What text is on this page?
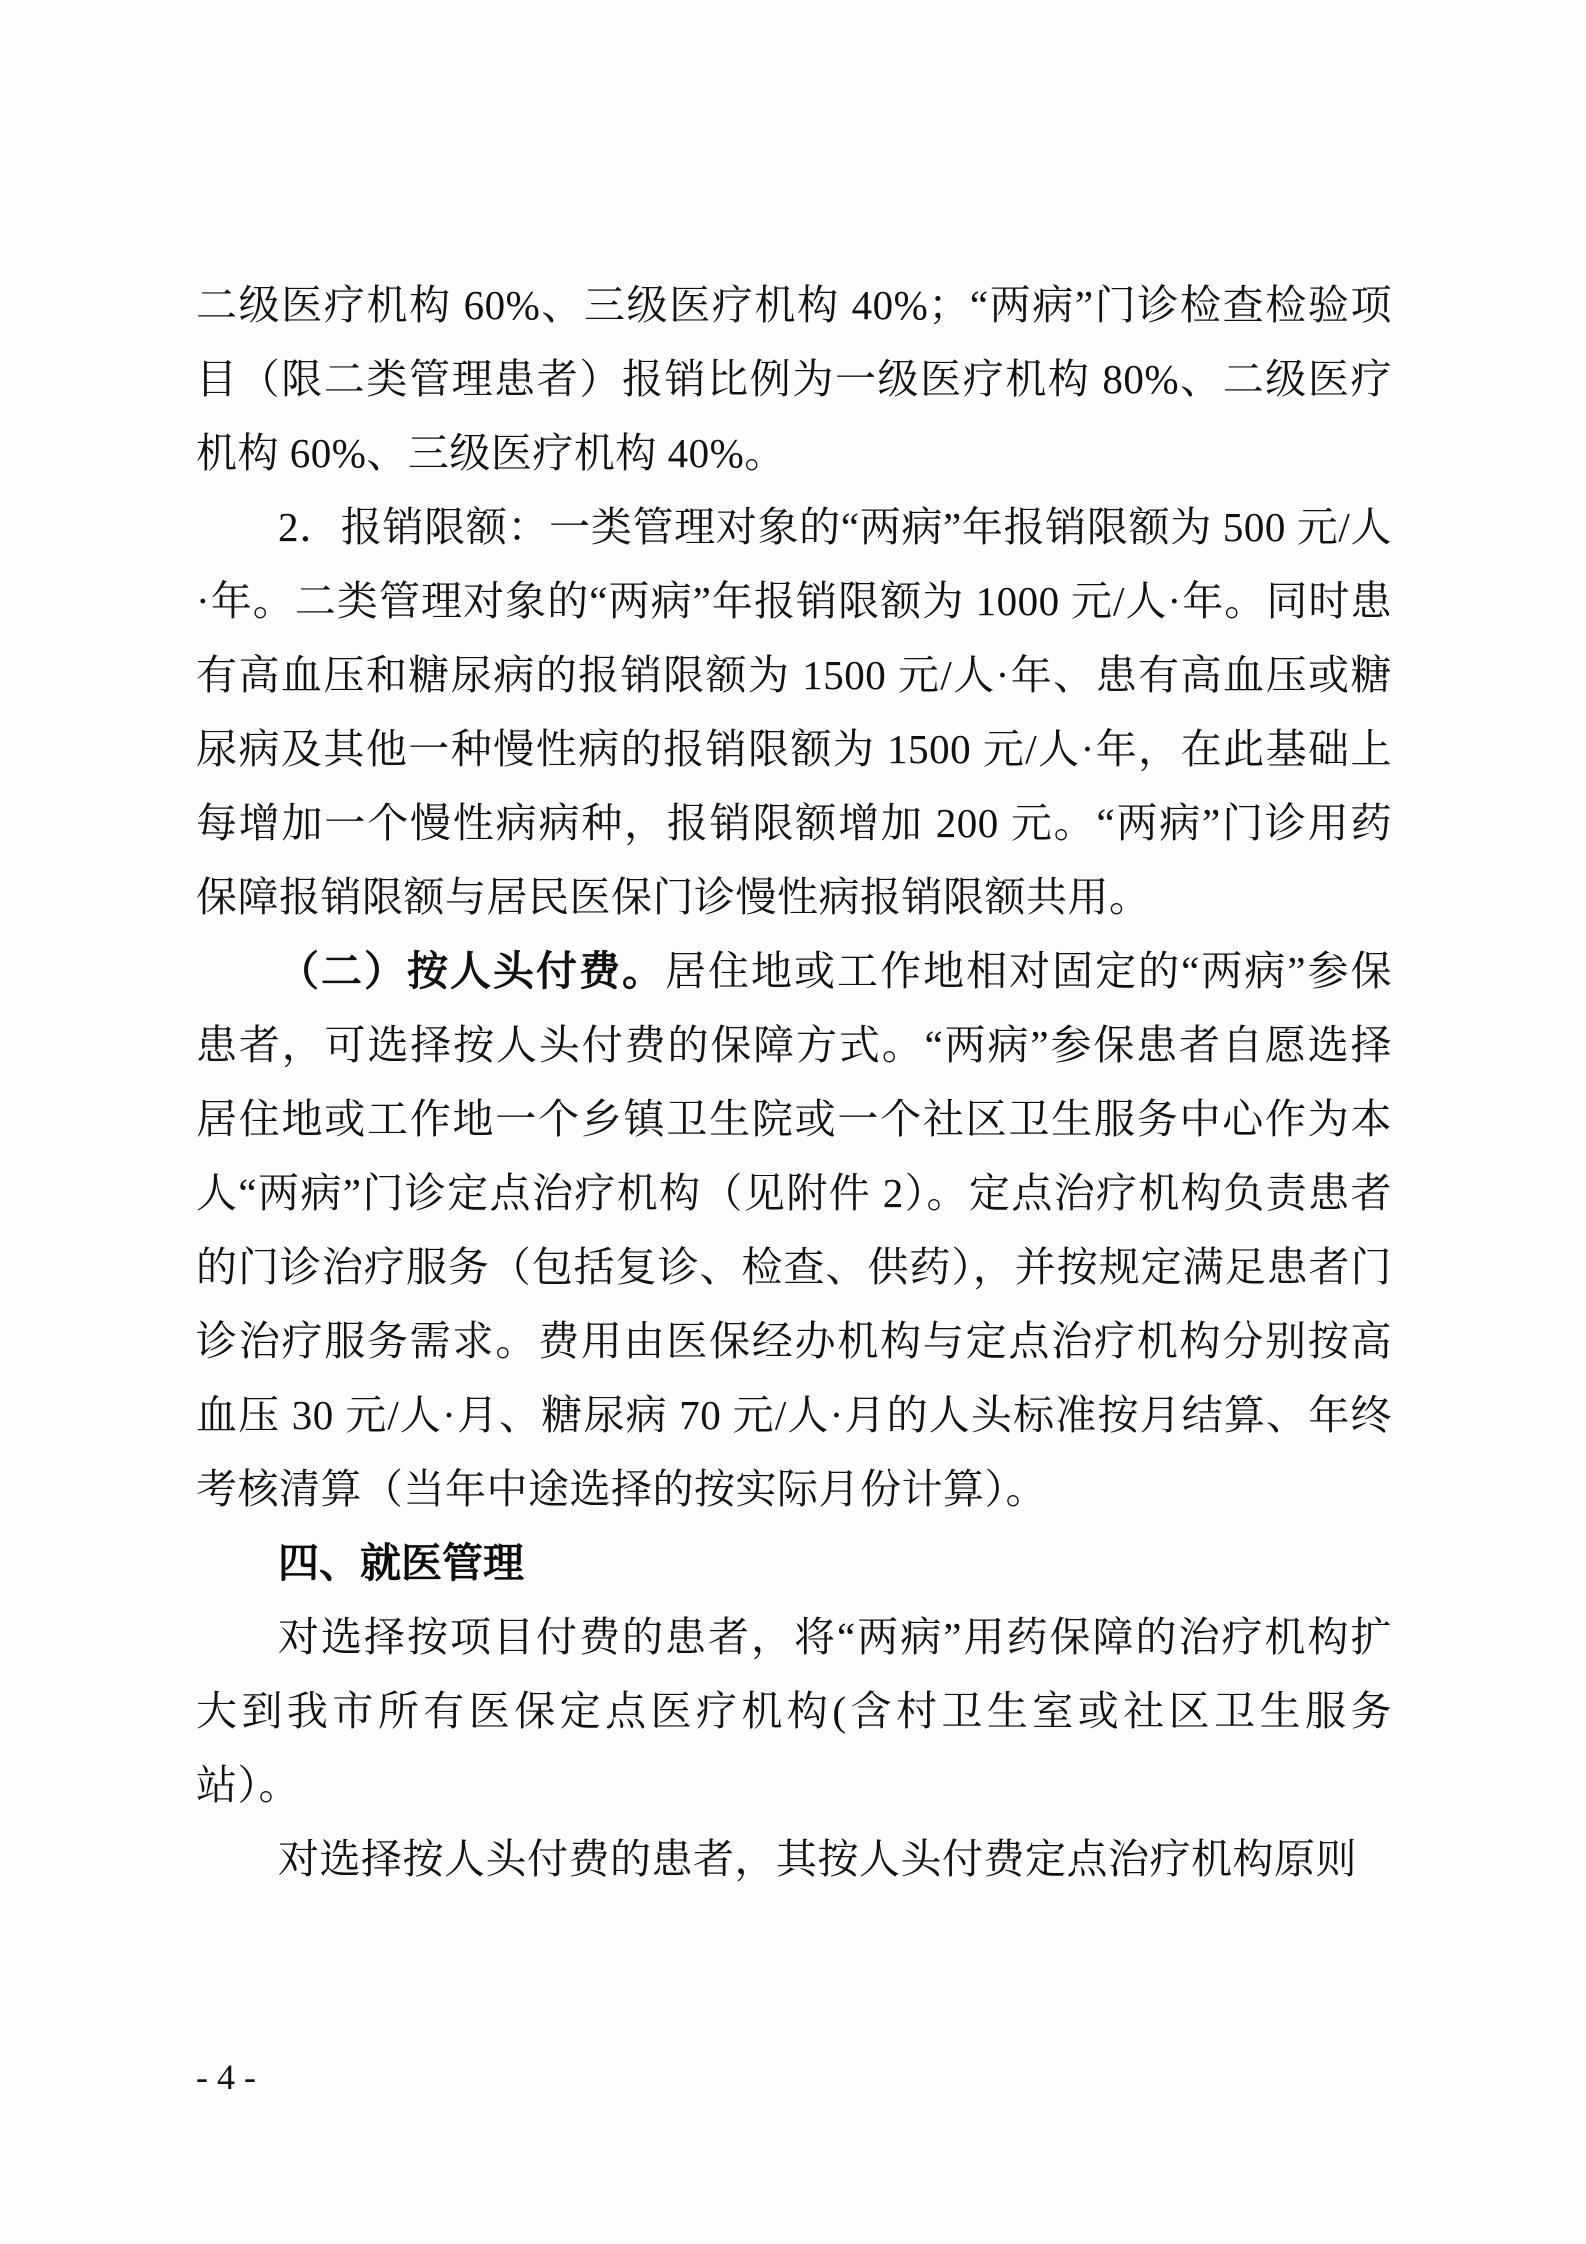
二级医疗机构 60%、三级医疗机构 40%；“两病”门诊检查检验项目（限二类管理患者）报销比例为一级医疗机构 80%、二级医疗机构 60%、三级医疗机构 40%。

2．报销限额：一类管理对象的“两病”年报销限额为 500 元/人·年。二类管理对象的“两病”年报销限额为 1000 元/人·年。同时患有高血压和糖尿病的报销限额为 1500 元/人·年、患有高血压或糖尿病及其他一种慢性病的报销限额为 1500 元/人·年，在此基础上每增加一个慢性病病种，报销限额增加 200 元。“两病”门诊用药保障报销限额与居民医保门诊慢性病报销限额共用。

（二）按人头付费。居住地或工作地相对固定的“两病”参保患者，可选择按人头付费的保障方式。“两病”参保患者自愿选择居住地或工作地一个乡镇卫生院或一个社区卫生服务中心作为本人“两病”门诊定点治疗机构（见附件 2）。定点治疗机构负责患者的门诊治疗服务（包括复诊、检查、供药），并按规定满足患者门诊治疗服务需求。费用由医保经办机构与定点治疗机构分别按高血压 30 元/人·月、糖尿病 70 元/人·月的人头标准按月结算、年终考核清算（当年中途选择的按实际月份计算）。

四、就医管理

对选择按项目付费的患者，将“两病”用药保障的治疗机构扩大到我市所有医保定点医疗机构(含村卫生室或社区卫生服务站）。

对选择按人头付费的患者，其按人头付费定点治疗机构原则

- 4 -
